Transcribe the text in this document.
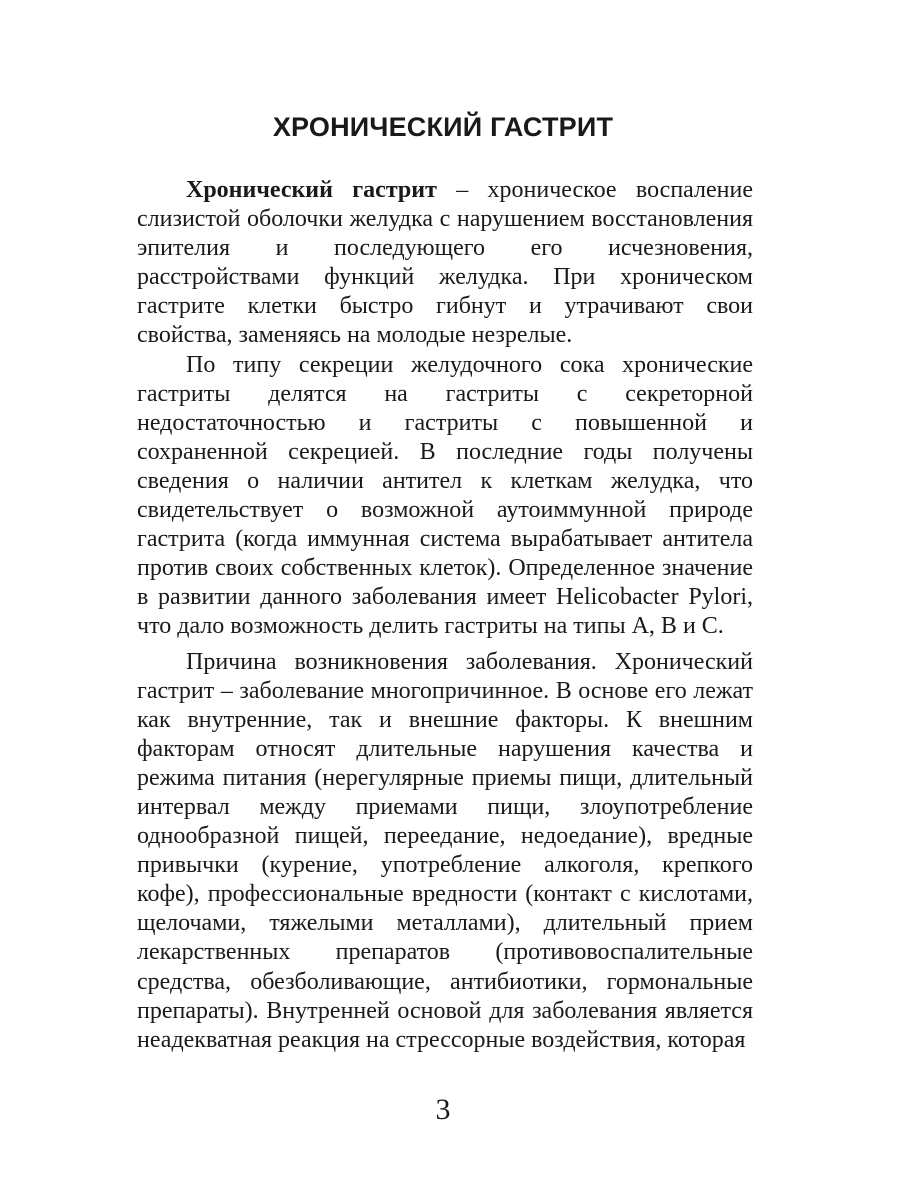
ХРОНИЧЕСКИЙ ГАСТРИТ

Хронический гастрит – хроническое воспаление слизистой оболочки желудка с нарушением восстановления эпителия и последующего его исчезновения, расстройствами функций желудка. При хроническом гастрите клетки быстро гибнут и утрачивают свои свойства, заменяясь на молодые незрелые.

По типу секреции желудочного сока хронические гастриты делятся на гастриты с секреторной недостаточностью и гастриты с повышенной и сохраненной секрецией. В последние годы получены сведения о наличии антител к клеткам желудка, что свидетельствует о возможной аутоиммунной природе гастрита (когда иммунная система вырабатывает антитела против своих собственных клеток). Определенное значение в развитии данного заболевания имеет Helicobacter Pylori, что дало возможность делить гастриты на типы А, В и С.

Причина возникновения заболевания. Хронический гастрит – заболевание многопричинное. В основе его лежат как внутренние, так и внешние факторы. К внешним факторам относят длительные нарушения качества и режима питания (нерегулярные приемы пищи, длительный интервал между приемами пищи, злоупотребление однообразной пищей, переедание, недоедание), вредные привычки (курение, употребление алкоголя, крепкого кофе), профессиональные вредности (контакт с кислотами, щелочами, тяжелыми металлами), длительный прием лекарственных препаратов (противовоспалительные средства, обезболивающие, антибиотики, гормональные препараты). Внутренней основой для заболевания является неадекватная реакция на стрессорные воздействия, которая

3
